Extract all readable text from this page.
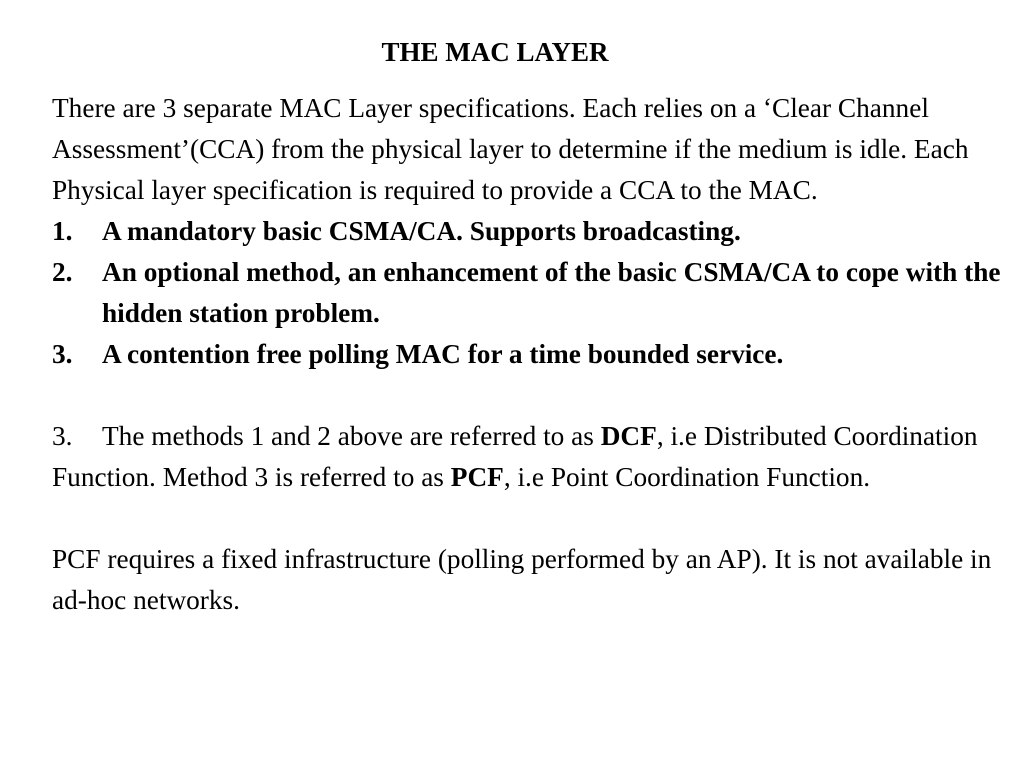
THE MAC LAYER

There are 3 separate MAC Layer specifications. Each relies on a ‘Clear Channel Assessment’(CCA) from the physical layer to determine if the medium is idle. Each Physical layer specification is required to provide a CCA to the MAC.

1. A mandatory basic CSMA/CA. Supports broadcasting.
2. An optional method, an enhancement of the basic CSMA/CA to cope with the hidden station problem.
3. A contention free polling MAC for a time bounded service.

3. The methods 1 and 2 above are referred to as DCF, i.e Distributed Coordination Function. Method 3 is referred to as PCF, i.e Point Coordination Function.

PCF requires a fixed infrastructure (polling performed by an AP). It is not available in ad-hoc networks.
